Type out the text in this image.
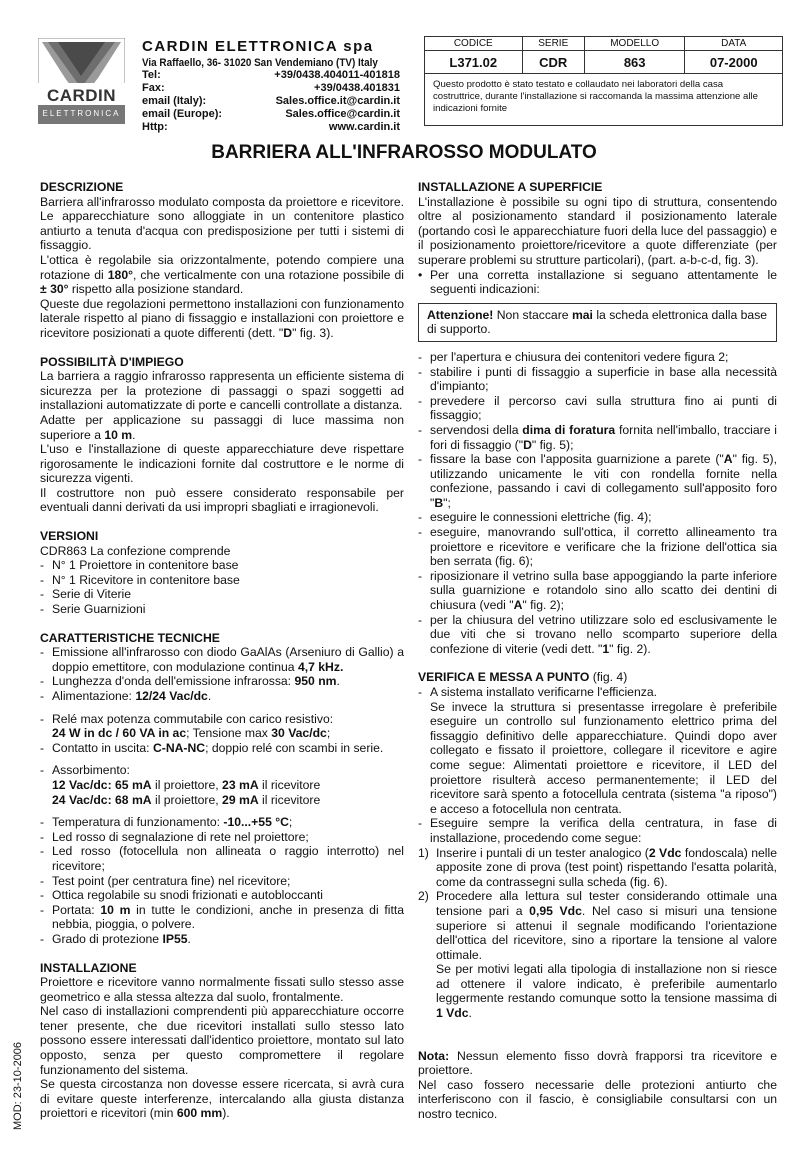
CARDIN
ELETTRONICA
CARDIN ELETTRONICA spa
Via Raffaello, 36- 31020 San Vendemiano (TV) Italy
Tel:	+39/0438.404011-401818
Fax:	+39/0438.401831
email (Italy):	Sales.office.it@cardin.it
email (Europe):	Sales.office@cardin.it
Http:	www.cardin.it
CODICE	SERIE	MODELLO	DATA
L371.02	CDR	863	07-2000
Questo prodotto è stato testato e collaudato nei laboratori della casa costruttrice, durante l'installazione si raccomanda la massima attenzione alle indicazioni fornite
BARRIERA ALL'INFRAROSSO MODULATO
DESCRIZIONE

Barriera all'infrarosso modulato composta da proiettore e ricevitore. Le apparecchiature sono alloggiate in un contenitore plastico antiurto a tenuta d'acqua con predisposizione per tutti i sistemi di fissaggio.

L'ottica è regolabile sia orizzontalmente, potendo compiere una rotazione di 180°, che verticalmente con una rotazione possibile di ± 30° rispetto alla posizione standard.

Queste due regolazioni permettono installazioni con funzionamento laterale rispetto al piano di fissaggio e installazioni con proiettore e ricevitore posizionati a quote differenti (dett. "D" fig. 3).

POSSIBILITÀ D'IMPIEGO

La barriera a raggio infrarosso rappresenta un efficiente sistema di sicurezza per la protezione di passaggi o spazi soggetti ad installazioni automatizzate di porte e cancelli controllate a distanza.

Adatte per applicazione su passaggi di luce massima non superiore a 10 m.

L'uso e l'installazione di queste apparecchiature deve rispettare rigorosamente le indicazioni fornite dal costruttore e le norme di sicurezza vigenti.

Il costruttore non può essere considerato responsabile per eventuali danni derivati da usi impropri sbagliati e irragionevoli.

VERSIONI

CDR863 La confezione comprende

- N° 1 Proiettore in contenitore base
- N° 1 Ricevitore in contenitore base
- Serie di Viterie
- Serie Guarnizioni
CARATTERISTICHE TECNICHE
- Emissione all'infrarosso con diodo GaAlAs (Arseniuro di Gallio) a doppio emettitore, con modulazione continua 4,7 kHz.
- Lunghezza d'onda dell'emissione infrarossa: 950 nm.
- Alimentazione: 12/24 Vac/dc.
- Relé max potenza commutabile con carico resistivo:
24 W in dc / 60 VA in ac; Tensione max 30 Vac/dc;
- Contatto in uscita: C-NA-NC; doppio relé con scambi in serie.
- Assorbimento:
12 Vac/dc: 65 mA il proiettore, 23 mA il ricevitore
24 Vac/dc: 68 mA il proiettore, 29 mA il ricevitore
- Temperatura di funzionamento: -10...+55 °C;
- Led rosso di segnalazione di rete nel proiettore;
- Led rosso (fotocellula non allineata o raggio interrotto) nel ricevitore;
- Test point (per centratura fine) nel ricevitore;
- Ottica regolabile su snodi frizionati e autobloccanti
- Portata: 10 m in tutte le condizioni, anche in presenza di fitta nebbia, pioggia, o polvere.
- Grado di protezione IP55.
INSTALLAZIONE

Proiettore e ricevitore vanno normalmente fissati sullo stesso asse geometrico e alla stessa altezza dal suolo, frontalmente.

Nel caso di installazioni comprendenti più apparecchiature occorre tener presente, che due ricevitori installati sullo stesso lato possono essere interessati dall'identico proiettore, montato sul lato opposto, senza per questo compromettere il regolare funzionamento del sistema.

Se questa circostanza non dovesse essere ricercata, si avrà cura di evitare queste interferenze, intercalando alla giusta distanza proiettori e ricevitori (min 600 mm).

INSTALLAZIONE A SUPERFICIE

L'installazione è possibile su ogni tipo di struttura, consentendo oltre al posizionamento standard il posizionamento laterale (portando così le apparecchiature fuori della luce del passaggio) e il posizionamento proiettore/ricevitore a quote differenziate (per superare problemi su strutture particolari), (part. a-b-c-d, fig. 3).

• Per una corretta installazione si seguano attentamente le seguenti indicazioni:
Attenzione! Non staccare mai la scheda elettronica dalla base di supporto.
- per l'apertura e chiusura dei contenitori vedere figura 2;
- stabilire i punti di fissaggio a superficie in base alla necessità d'impianto;
- prevedere il percorso cavi sulla struttura fino ai punti di fissaggio;
- servendosi della dima di foratura fornita nell'imballo, tracciare i fori di fissaggio ("D" fig. 5);
- fissare la base con l'apposita guarnizione a parete ("A" fig. 5), utilizzando unicamente le viti con rondella fornite nella confezione, passando i cavi di collegamento sull'apposito foro "B";
- eseguire le connessioni elettriche (fig. 4);
- eseguire, manovrando sull'ottica, il corretto allineamento tra proiettore e ricevitore e verificare che la frizione dell'ottica sia ben serrata (fig. 6);
- riposizionare il vetrino sulla base appoggiando la parte inferiore sulla guarnizione e rotandolo sino allo scatto dei dentini di chiusura (vedi "A" fig. 2);
- per la chiusura del vetrino utilizzare solo ed esclusivamente le due viti che si trovano nello scomparto superiore della confezione di viterie (vedi dett. "1" fig. 2).
VERIFICA E MESSA A PUNTO (fig. 4)
- A sistema installato verificarne l'efficienza.

Se invece la struttura si presentasse irregolare è preferibile eseguire un controllo sul funzionamento elettrico prima del fissaggio definitivo delle apparecchiature. Quindi dopo aver collegato e fissato il proiettore, collegare il ricevitore e agire come segue: Alimentati proiettore e ricevitore, il LED del proiettore risulterà acceso permanentemente; il LED del ricevitore sarà spento a fotocellula centrata (sistema "a riposo") e acceso a fotocellula non centrata.

- Eseguire sempre la verifica della centratura, in fase di installazione, procedendo come segue:
1) Inserire i puntali di un tester analogico (2 Vdc fondoscala) nelle apposite zone di prova (test point) rispettando l'esatta polarità, come da contrassegni sulla scheda (fig. 6).
2) Procedere alla lettura sul tester considerando ottimale una tensione pari a 0,95 Vdc. Nel caso si misuri una tensione superiore si attenui il segnale modificando l'orientazione dell'ottica del ricevitore, sino a riportare la tensione al valore ottimale.

Se per motivi legati alla tipologia di installazione non si riesce ad ottenere il valore indicato, è preferibile aumentarlo leggermente restando comunque sotto la tensione massima di 1 Vdc.

Nota: Nessun elemento fisso dovrà frapporsi tra ricevitore e proiettore.

Nel caso fossero necessarie delle protezioni antiurto che interferiscono con il fascio, è consigliabile consultarsi con un nostro tecnico.

MOD: 23-10-2006
